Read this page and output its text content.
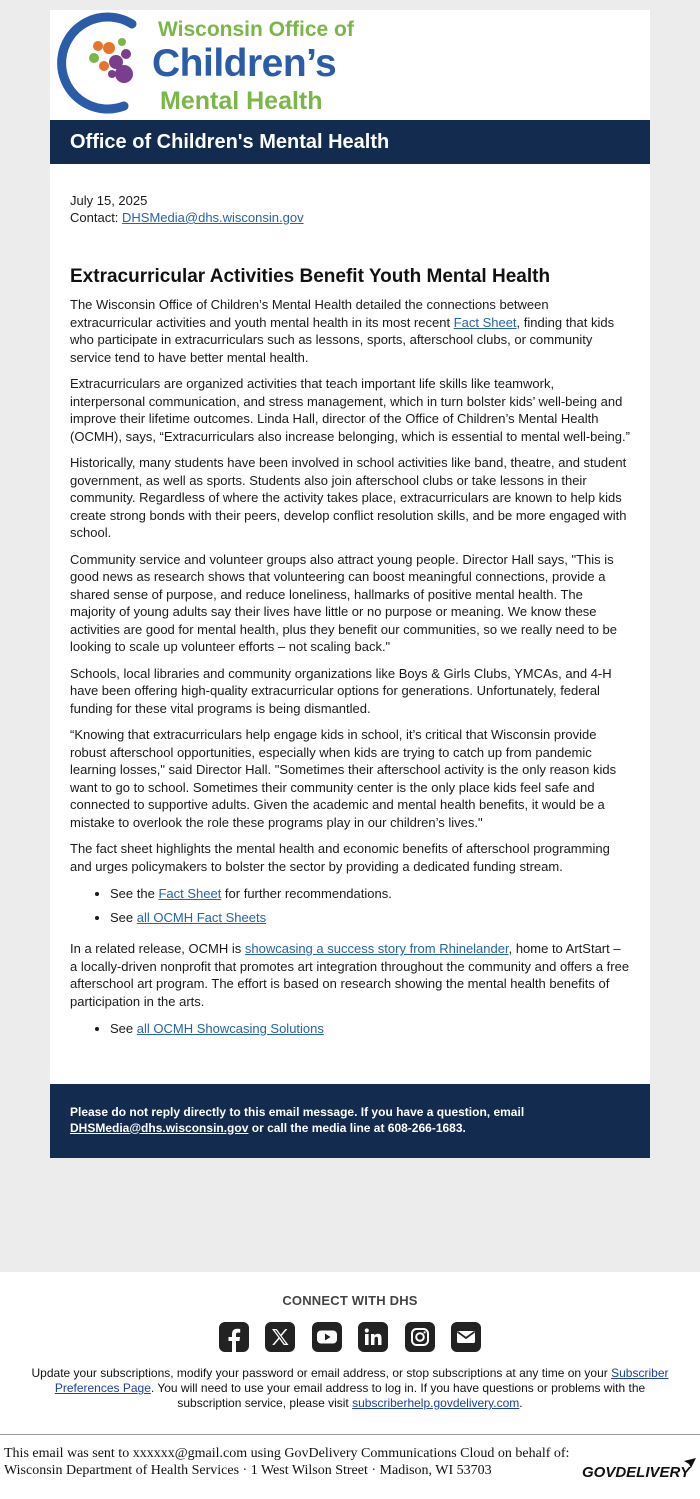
Wisconsin Office of
Children’s
Mental Health
Office of Children's Mental Health
July 15, 2025
Contact: DHSMedia@dhs.wisconsin.gov
Extracurricular Activities Benefit Youth Mental Health

The Wisconsin Office of Children’s Mental Health detailed the connections between extracurricular activities and youth mental health in its most recent Fact Sheet, finding that kids who participate in extracurriculars such as lessons, sports, afterschool clubs, or community service tend to have better mental health.

Extracurriculars are organized activities that teach important life skills like teamwork, interpersonal communication, and stress management, which in turn bolster kids’ well-being and improve their lifetime outcomes. Linda Hall, director of the Office of Children’s Mental Health (OCMH), says, “Extracurriculars also increase belonging, which is essential to mental well-being.”

Historically, many students have been involved in school activities like band, theatre, and student government, as well as sports. Students also join afterschool clubs or take lessons in their community. Regardless of where the activity takes place, extracurriculars are known to help kids create strong bonds with their peers, develop conflict resolution skills, and be more engaged with school.

Community service and volunteer groups also attract young people. Director Hall says, "This is good news as research shows that volunteering can boost meaningful connections, provide a shared sense of purpose, and reduce loneliness, hallmarks of positive mental health. The majority of young adults say their lives have little or no purpose or meaning. We know these activities are good for mental health, plus they benefit our communities, so we really need to be looking to scale up volunteer efforts – not scaling back."

Schools, local libraries and community organizations like Boys & Girls Clubs, YMCAs, and 4-H have been offering high-quality extracurricular options for generations. Unfortunately, federal funding for these vital programs is being dismantled.

“Knowing that extracurriculars help engage kids in school, it’s critical that Wisconsin provide robust afterschool opportunities, especially when kids are trying to catch up from pandemic learning losses," said Director Hall. "Sometimes their afterschool activity is the only reason kids want to go to school. Sometimes their community center is the only place kids feel safe and connected to supportive adults. Given the academic and mental health benefits, it would be a mistake to overlook the role these programs play in our children’s lives."

The fact sheet highlights the mental health and economic benefits of afterschool programming and urges policymakers to bolster the sector by providing a dedicated funding stream.

• See the Fact Sheet for further recommendations.
• See all OCMH Fact Sheets

In a related release, OCMH is showcasing a success story from Rhinelander, home to ArtStart – a locally-driven nonprofit that promotes art integration throughout the community and offers a free afterschool art program. The effort is based on research showing the mental health benefits of participation in the arts.

• See all OCMH Showcasing Solutions
Please do not reply directly to this email message. If you have a question, email DHSMedia@dhs.wisconsin.gov or call the media line at 608-266-1683.
CONNECT WITH DHS

Update your subscriptions, modify your password or email address, or stop subscriptions at any time on your Subscriber Preferences Page. You will need to use your email address to log in. If you have questions or problems with the subscription service, please visit subscriberhelp.govdelivery.com.
This email was sent to xxxxxx@gmail.com using GovDelivery Communications Cloud on behalf of: Wisconsin Department of Health Services · 1 West Wilson Street · Madison, WI 53703	GOVDELIVERY
